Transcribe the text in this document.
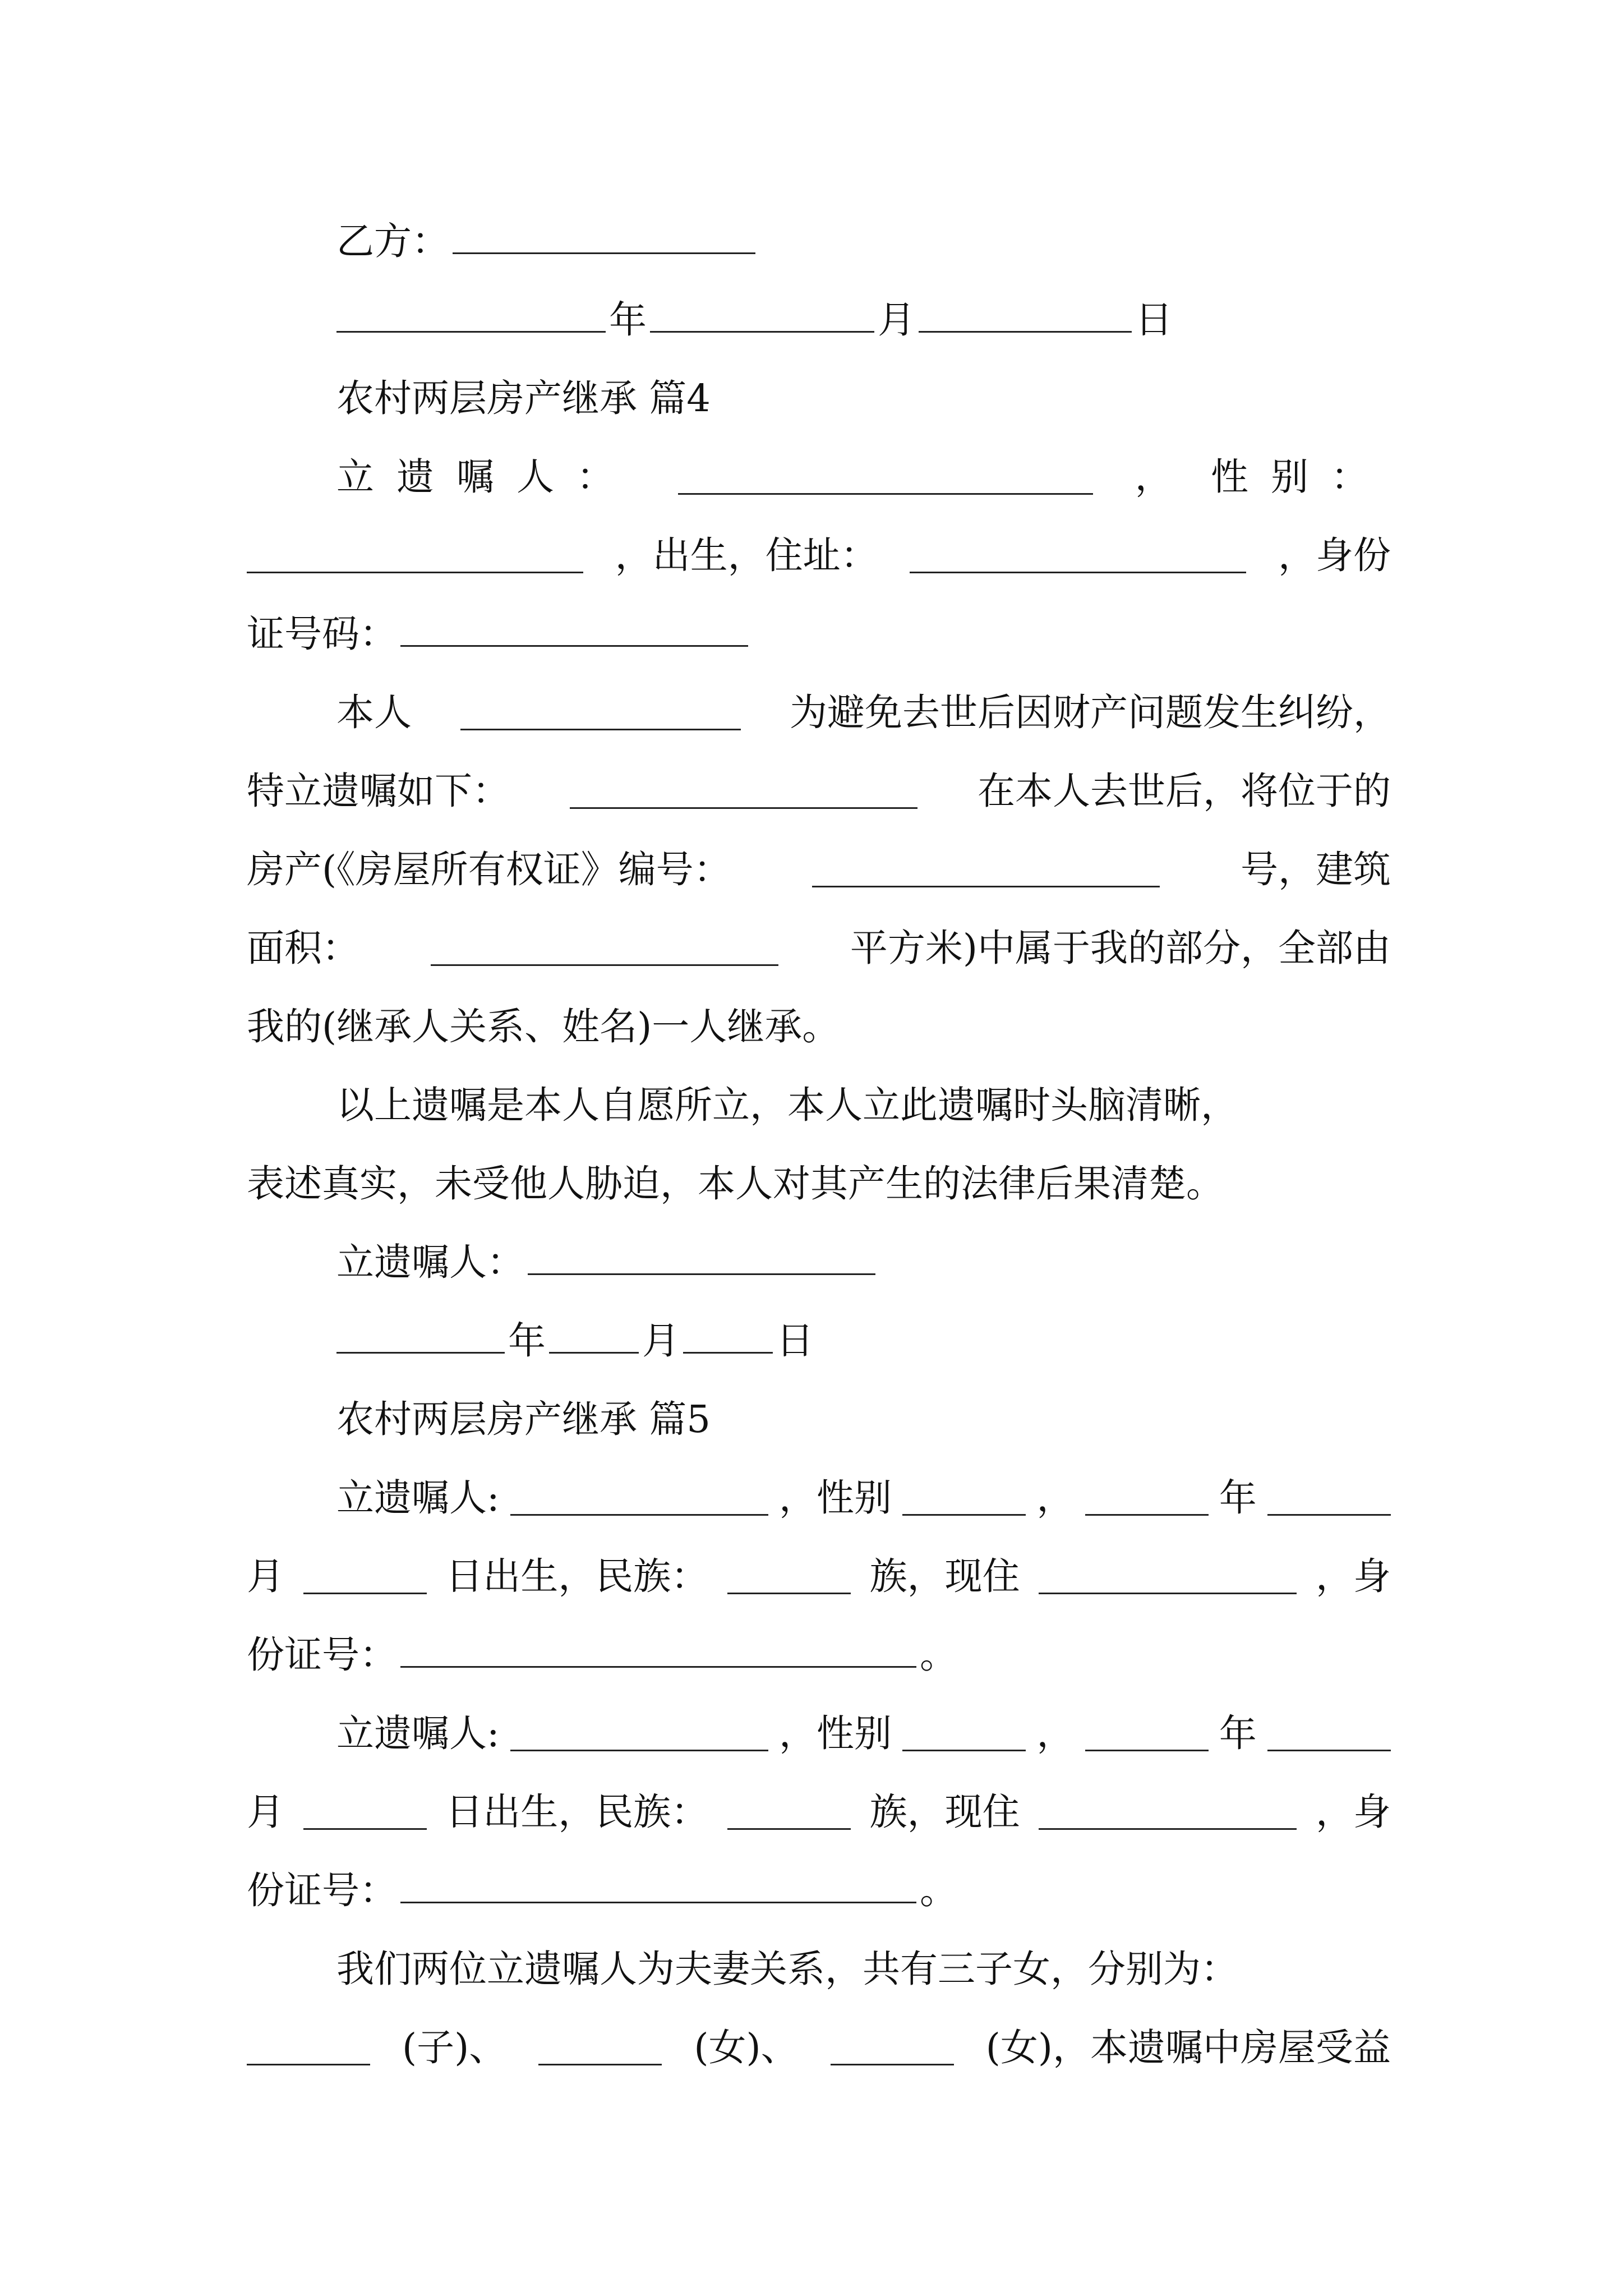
乙方：
年	月	日
农村两层房产继承 篇4
立遗嘱人：	， 性别：
，出生，住址：	，身份
证号码：
本人	为避免去世后因财产问题发生纠纷，
特立遗嘱如下：	在本人去世后，将位于的
房产(《房屋所有权证》编号：	号，建筑
面积：	平方米)中属于我的部分，全部由
我的(继承人关系、姓名)一人继承。
以上遗嘱是本人自愿所立，本人立此遗嘱时头脑清晰，
表述真实，未受他人胁迫，本人对其产生的法律后果清楚。
立遗嘱人：
年	月	日
农村两层房产继承 篇5
立遗嘱人:	，性别	，	年
月	日出生，民族：	族，现住	，身
份证号：	。
立遗嘱人:	，性别	，	年
月	日出生，民族：	族，现住	，身
份证号：	。
我们两位立遗嘱人为夫妻关系，共有三子女，分别为：
(子)、	(女)、	(女)，本遗嘱中房屋受益
